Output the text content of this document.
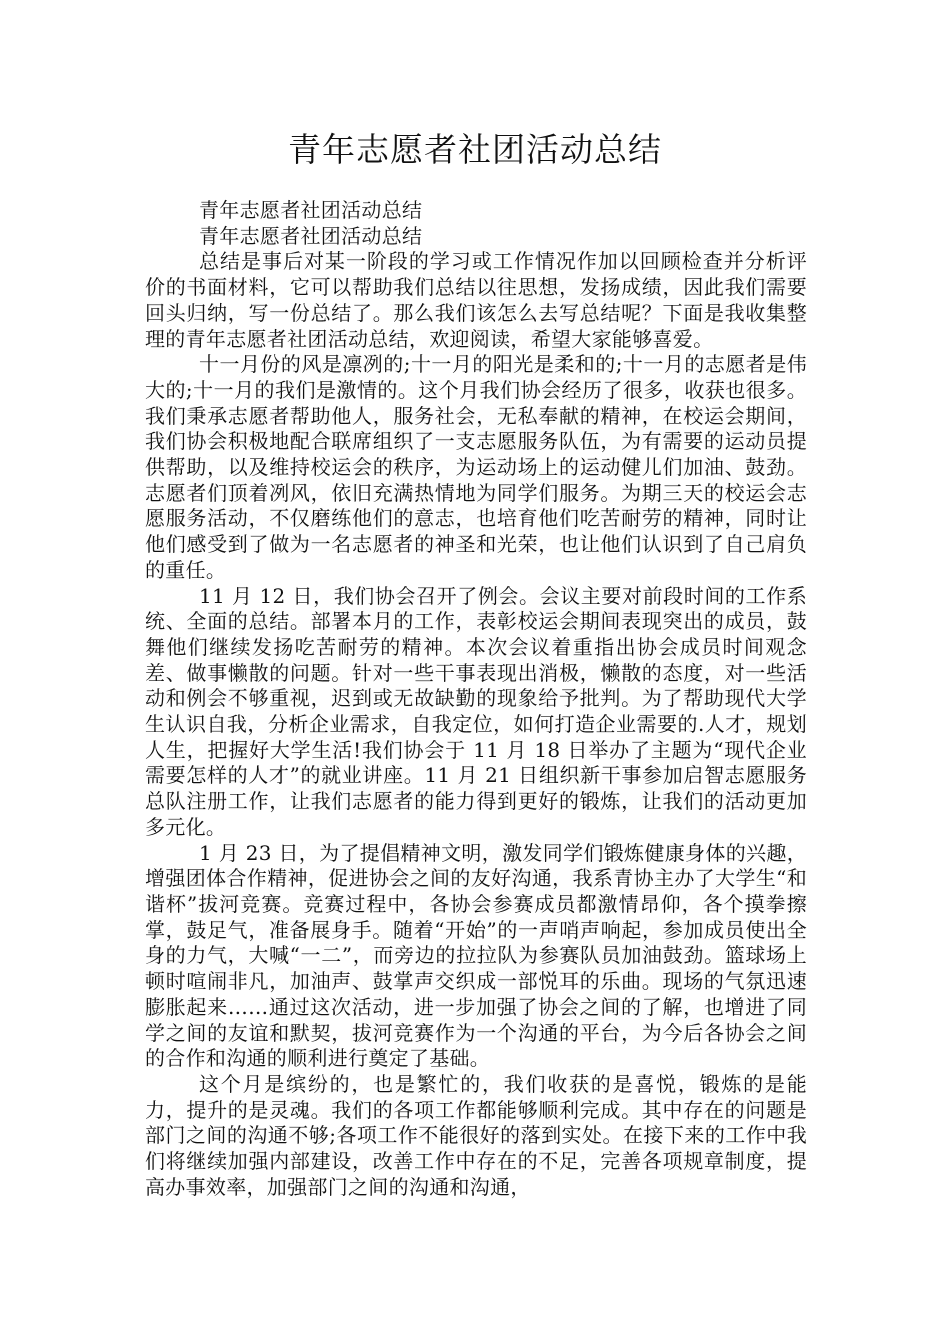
青年志愿者社团活动总结

青年志愿者社团活动总结

青年志愿者社团活动总结

总结是事后对某一阶段的学习或工作情况作加以回顾检查并分析评价的书面材料，它可以帮助我们总结以往思想，发扬成绩，因此我们需要回头归纳，写一份总结了。那么我们该怎么去写总结呢？下面是我收集整理的青年志愿者社团活动总结，欢迎阅读，希望大家能够喜爱。

十一月份的风是凛冽的;十一月的阳光是柔和的;十一月的志愿者是伟大的;十一月的我们是激情的。这个月我们协会经历了很多，收获也很多。我们秉承志愿者帮助他人，服务社会，无私奉献的精神，在校运会期间，我们协会积极地配合联席组织了一支志愿服务队伍，为有需要的运动员提供帮助，以及维持校运会的秩序，为运动场上的运动健儿们加油、鼓劲。志愿者们顶着冽风，依旧充满热情地为同学们服务。为期三天的校运会志愿服务活动，不仅磨练他们的意志，也培育他们吃苦耐劳的精神，同时让他们感受到了做为一名志愿者的神圣和光荣，也让他们认识到了自己肩负的重任。

11 月 12 日，我们协会召开了例会。会议主要对前段时间的工作系统、全面的总结。部署本月的工作，表彰校运会期间表现突出的成员，鼓舞他们继续发扬吃苦耐劳的精神。本次会议着重指出协会成员时间观念差、做事懒散的问题。针对一些干事表现出消极，懒散的态度，对一些活动和例会不够重视，迟到或无故缺勤的现象给予批判。为了帮助现代大学生认识自我，分析企业需求，自我定位，如何打造企业需要的.人才，规划人生，把握好大学生活!我们协会于 11 月 18 日举办了主题为“现代企业需要怎样的人才”的就业讲座。11 月 21 日组织新干事参加启智志愿服务总队注册工作，让我们志愿者的能力得到更好的锻炼，让我们的活动更加多元化。

1 月 23 日，为了提倡精神文明，激发同学们锻炼健康身体的兴趣，增强团体合作精神，促进协会之间的友好沟通，我系青协主办了大学生“和谐杯”拔河竞赛。竞赛过程中，各协会参赛成员都激情昂仰，各个摸拳擦掌，鼓足气，准备展身手。随着“开始”的一声哨声响起，参加成员使出全身的力气，大喊“一二”，而旁边的拉拉队为参赛队员加油鼓劲。篮球场上顿时喧闹非凡，加油声、鼓掌声交织成一部悦耳的乐曲。现场的气氛迅速膨胀起来……通过这次活动，进一步加强了协会之间的了解，也增进了同学之间的友谊和默契，拔河竞赛作为一个沟通的平台，为今后各协会之间的合作和沟通的顺利进行奠定了基础。

这个月是缤纷的，也是繁忙的，我们收获的是喜悦，锻炼的是能力，提升的是灵魂。我们的各项工作都能够顺利完成。其中存在的问题是部门之间的沟通不够;各项工作不能很好的落到实处。在接下来的工作中我们将继续加强内部建设，改善工作中存在的不足，完善各项规章制度，提高办事效率，加强部门之间的沟通和沟通，
